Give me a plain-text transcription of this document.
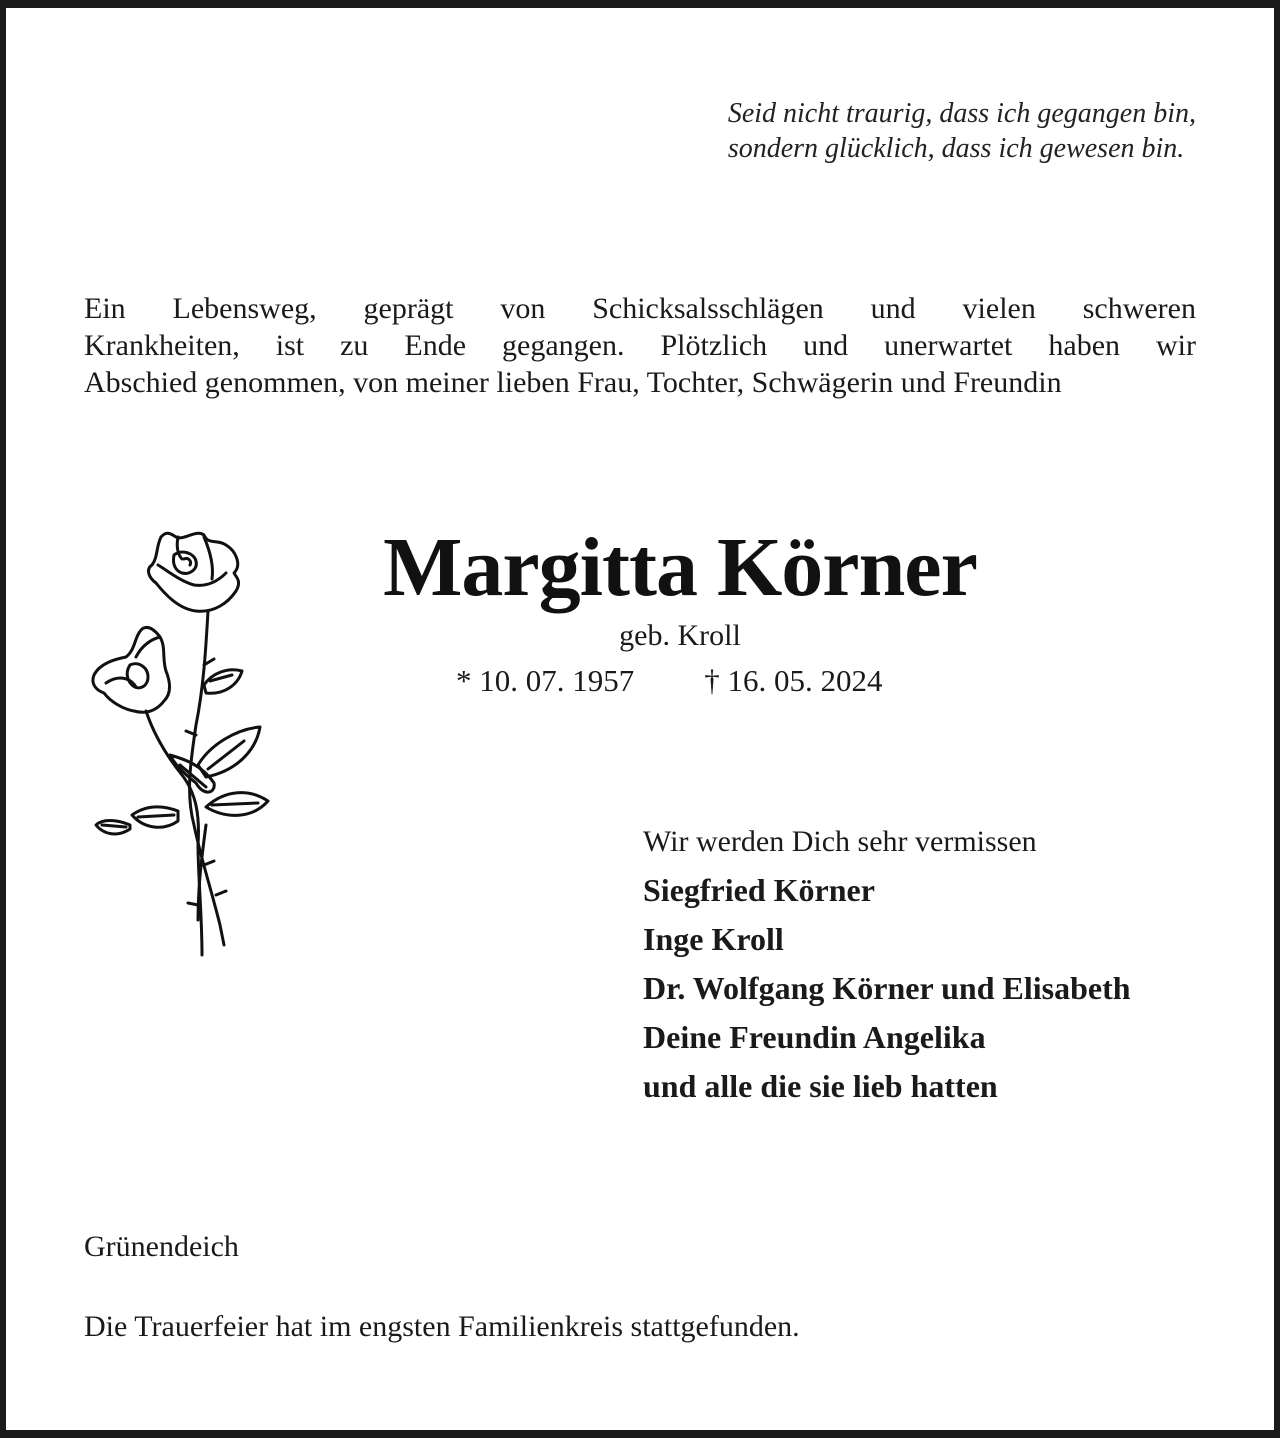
Seid nicht traurig, dass ich gegangen bin,
sondern glücklich, dass ich gewesen bin.
Ein Lebensweg, geprägt von Schicksalsschlägen und vielen schweren
Krankheiten, ist zu Ende gegangen. Plötzlich und unerwartet haben wir
Abschied genommen, von meiner lieben Frau, Tochter, Schwägerin und Freundin
Margitta Körner
geb. Kroll
* 10. 07. 1957 † 16. 05. 2024
Wir werden Dich sehr vermissen
Siegfried Körner
Inge Kroll
Dr. Wolfgang Körner und Elisabeth
Deine Freundin Angelika
und alle die sie lieb hatten
Grünendeich
Die Trauerfeier hat im engsten Familienkreis stattgefunden.
